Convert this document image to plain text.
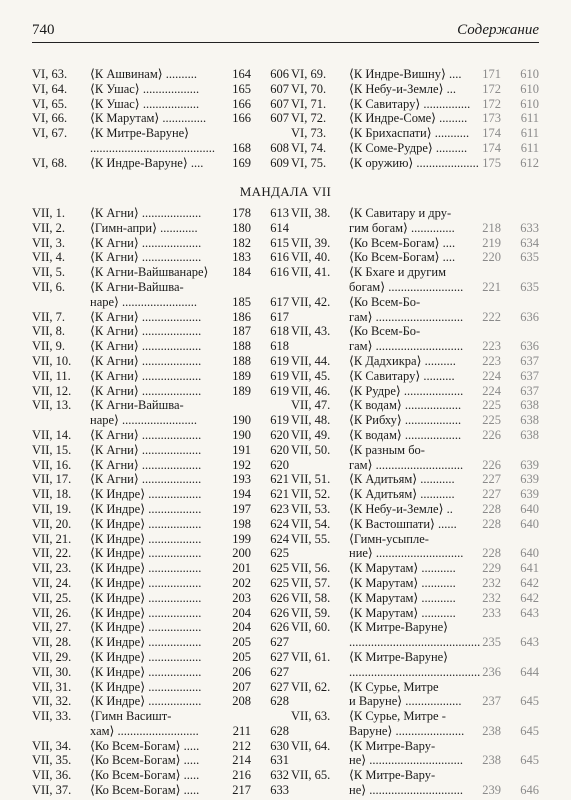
740	Содержание
VI, 63. ⟨К Ашвинам⟩ ..........	164	606
VI, 64. ⟨К Ушас⟩ ..................	165	607
VI, 65. ⟨К Ушас⟩ ..................	166	607
VI, 66. ⟨К Марутам⟩ ..............	166	607
VI, 67. ⟨К Митре-Варуне⟩
........................................	168	608
VI, 68. ⟨К Индре-Варуне⟩ ....	169	609
VI, 69. ⟨К Индре-Вишну⟩ ....	171	610
VI, 70. ⟨К Небу-и-Земле⟩ ...	172	610
VI, 71. ⟨К Савитару⟩ ............... 172	610
VI, 72. ⟨К Индре-Соме⟩ .........	173	611
VI, 73. ⟨К Брихаспати⟩ ...........	174	611
VI, 74. ⟨К Соме-Рудре⟩ ..........	174	611
VI, 75. ⟨К оружию⟩ .................... 175	612
МАНДАЛА VII
VII, 1. ⟨К Агни⟩ ...................	178	613
VII, 2. ⟨Гимн-апри⟩ ............	180	614
VII, 3. ⟨К Агни⟩ ...................	182	615
VII, 4. ⟨К Агни⟩ ...................	183	616
VII, 5. ⟨К Агни-Вайшванаре⟩	184	616
VII, 6. ⟨К Агни-Вайшва-
наре⟩ ........................	185	617
VII, 7. ⟨К Агни⟩ ...................	186	617
VII, 8. ⟨К Агни⟩ ...................	187	618
VII, 9. ⟨К Агни⟩ ...................	188	618
VII, 10. ⟨К Агни⟩ ...................	188	619
VII, 11. ⟨К Агни⟩ ...................	189	619
VII, 12. ⟨К Агни⟩ ...................	189	619
VII, 13. ⟨К Агни-Вайшва-
наре⟩ ........................	190	619
VII, 14. ⟨К Агни⟩ ...................	190	620
VII, 15. ⟨К Агни⟩ ...................	191	620
VII, 16. ⟨К Агни⟩ ...................	192	620
VII, 17. ⟨К Агни⟩ ...................	193	621
VII, 18. ⟨К Индре⟩ .................	194	621
VII, 19. ⟨К Индре⟩ .................	197	623
VII, 20. ⟨К Индре⟩ .................	198	624
VII, 21. ⟨К Индре⟩ .................	199	624
VII, 22. ⟨К Индре⟩ .................	200	625
VII, 23. ⟨К Индре⟩ .................	201	625
VII, 24. ⟨К Индре⟩ .................	202	625
VII, 25. ⟨К Индре⟩ .................	203	626
VII, 26. ⟨К Индре⟩ .................	204	626
VII, 27. ⟨К Индре⟩ .................	204	626
VII, 28. ⟨К Индре⟩ .................	205	627
VII, 29. ⟨К Индре⟩ .................	205	627
VII, 30. ⟨К Индре⟩ .................	206	627
VII, 31. ⟨К Индре⟩ .................	207	627
VII, 32. ⟨К Индре⟩ .................	208	628
VII, 33. ⟨Гимн Васишт-
хам⟩ ..........................	211	628
VII, 34. ⟨Ко Всем-Богам⟩ .....	212	630
VII, 35. ⟨Ко Всем-Богам⟩ .....	214	631
VII, 36. ⟨Ко Всем-Богам⟩ .....	216	632
VII, 37. ⟨Ко Всем-Богам⟩ .....	217	633
VII, 38. ⟨К Савитару и дру-
гим богам⟩ ..............	218	633
VII, 39. ⟨Ко Всем-Богам⟩ ....	219	634
VII, 40. ⟨Ко Всем-Богам⟩ ....	220	635
VII, 41. ⟨К Бхаге и другим
богам⟩ ........................	221	635
VII, 42. ⟨Ко Всем-Бо-
гам⟩ ............................	222	636
VII, 43. ⟨Ко Всем-Бо-
гам⟩ ............................	223	636
VII, 44. ⟨К Дадхикра⟩ ..........	223	637
VII, 45. ⟨К Савитару⟩ ..........	224	637
VII, 46. ⟨К Рудре⟩ ...................	224	637
VII, 47. ⟨К водам⟩ ..................	225	638
VII, 48. ⟨К Рибху⟩ ..................	225	638
VII, 49. ⟨К водам⟩ ..................	226	638
VII, 50. ⟨К разным бо-
гам⟩ ............................	226	639
VII, 51. ⟨К Адитьям⟩ ...........	227	639
VII, 52. ⟨К Адитьям⟩ ...........	227	639
VII, 53. ⟨К Небу-и-Земле⟩ ..	228	640
VII, 54. ⟨К Вастошпати⟩ ......	228	640
VII, 55. ⟨Гимн-усыпле-
ние⟩ ............................	228	640
VII, 56. ⟨К Марутам⟩ ...........	229	641
VII, 57. ⟨К Марутам⟩ ...........	232	642
VII, 58. ⟨К Марутам⟩ ...........	232	642
VII, 59. ⟨К Марутам⟩ ...........	233	643
VII, 60. ⟨К Митре-Варуне⟩
.......................................... 235	643
VII, 61. ⟨К Митре-Варуне⟩
.......................................... 236	644
VII, 62. ⟨К Сурье, Митре
и Варуне⟩ ..................	237	645
VII, 63. ⟨К Сурье, Митре -
Варуне⟩ ......................	238	645
VII, 64. ⟨К Митре-Вару-
не⟩ ..............................	238	645
VII, 65. ⟨К Митре-Вару-
не⟩ ..............................	239	646
